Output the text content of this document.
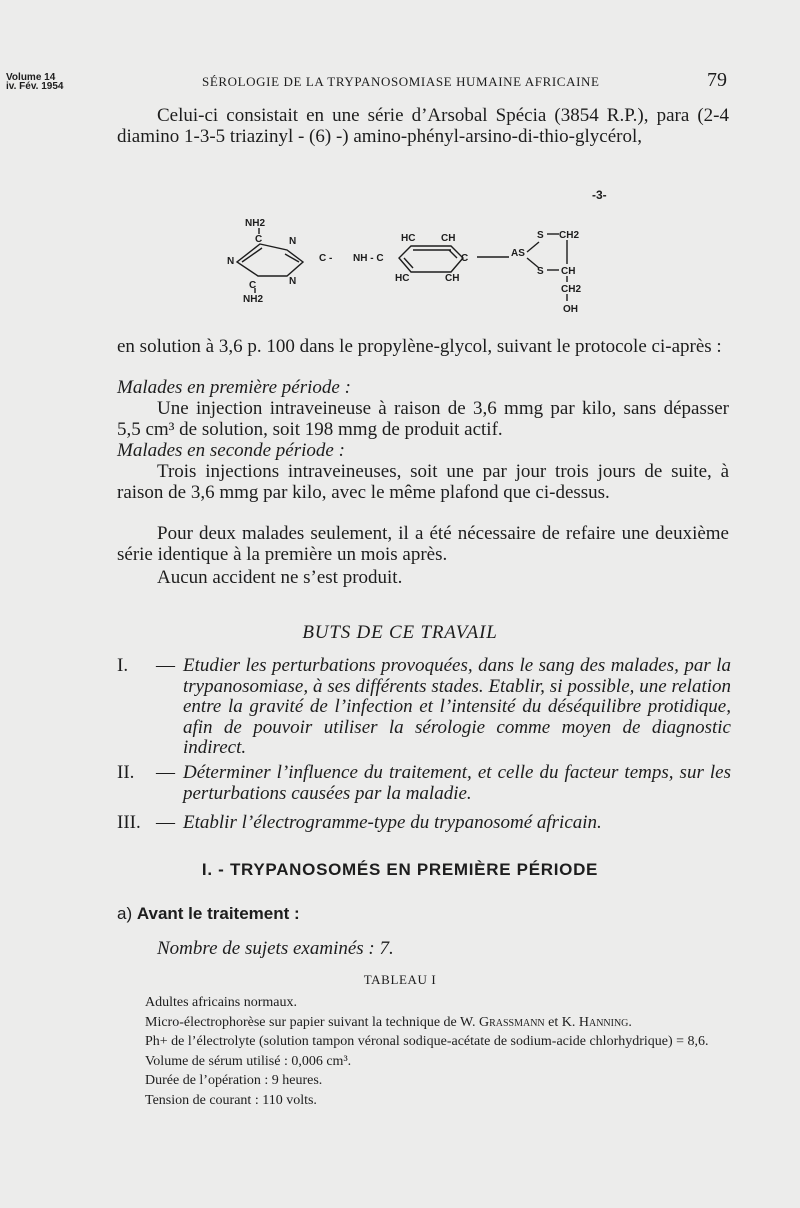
Volume 14
iv. Fév. 1954	SÉROLOGIE DE LA TRYPANOSOMIASE HUMAINE AFRICAINE	79
Celui-ci consistait en une série d’Arsobal Spécia (3854 R.P.), para (2-4 diamino 1-3-5 triazinyl - (6) -) amino-phényl-arsino-di-thio-glycérol,
-3-
NH2
C	N
N
C	N
NH2
C - NH - C
HC	CH
HC	CH
C	AS
S CH2
S CH
CH2
OH
en solution à 3,6 p. 100 dans le propylène-glycol, suivant le protocole ci-après :
Malades en première période :
Une injection intraveineuse à raison de 3,6 mmg par kilo, sans dépasser 5,5 cm³ de solution, soit 198 mmg de produit actif.
Malades en seconde période :
Trois injections intraveineuses, soit une par jour trois jours de suite, à raison de 3,6 mmg par kilo, avec le même plafond que ci-dessus.
Pour deux malades seulement, il a été nécessaire de refaire une deuxième série identique à la première un mois après.
Aucun accident ne s’est produit.
BUTS DE CE TRAVAIL
I. — Etudier les perturbations provoquées, dans le sang des malades, par la trypanosomiase, à ses différents stades. Etablir, si possible, une relation entre la gravité de l’infection et l’intensité du déséquilibre protidique, afin de pouvoir utiliser la sérologie comme moyen de diagnostic indirect.
II. — Déterminer l’influence du traitement, et celle du facteur temps, sur les perturbations causées par la maladie.
III. — Etablir l’électrogramme-type du trypanosomé africain.
I. - TRYPANOSOMÉS EN PREMIÈRE PÉRIODE
a) Avant le traitement :
Nombre de sujets examinés : 7.
TABLEAU I
Adultes africains normaux.
Micro-électrophorèse sur papier suivant la technique de W. Grassmann et K. Hanning.
Ph+ de l’électrolyte (solution tampon véronal sodique-acétate de sodium-acide chlorhydrique) = 8,6.
Volume de sérum utilisé : 0,006 cm³.
Durée de l’opération : 9 heures.
Tension de courant : 110 volts.
